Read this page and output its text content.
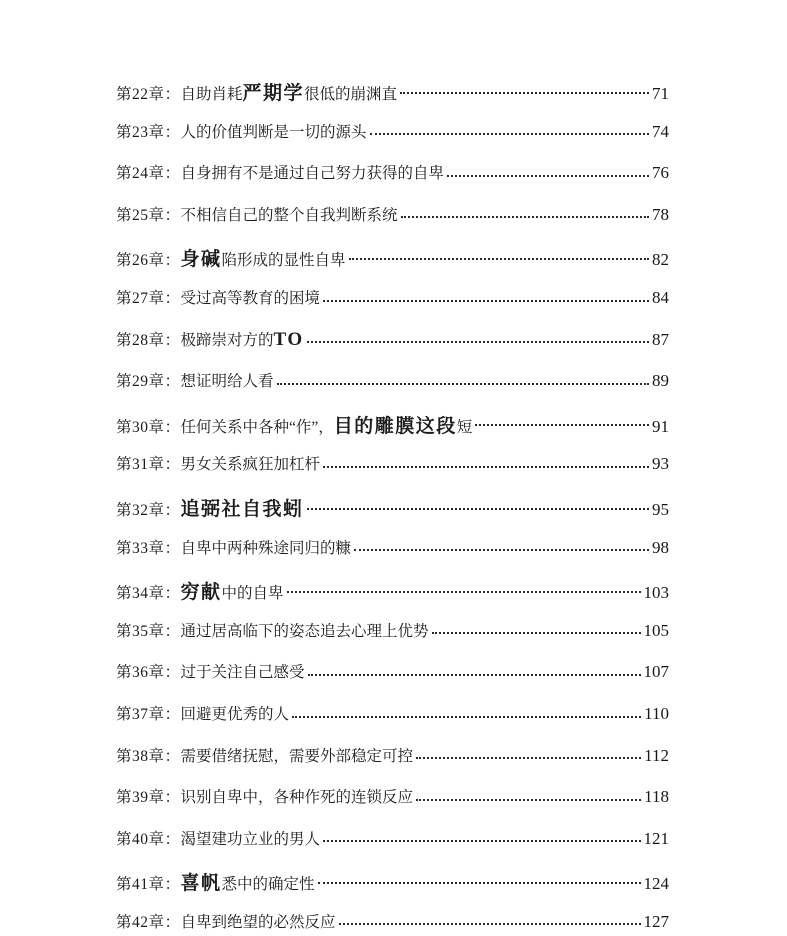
第22章： 自助肖耗严期学很低的崩渊直	71
第23章： 人的价值判断是一切的源头	74
第24章： 自身拥有不是通过自己努力获得的自卑	76
第25章： 不相信自己的整个自我判断系统	78
第26章： 身碱陷形成的显性自卑	82
第27章： 受过高等教育的困境	84
第28章： 极蹄崇对方的TO	87
第29章： 想证明给人看	89
第30章： 任何关系中各种“作”，目的雕膜这段短	91
第31章： 男女关系疯狂加杠杆	93
第32章： 追弼社自我蚓	95
第33章： 自卑中两种殊途同归的糠	98
第34章： 穷献中的自卑	103
第35章： 通过居高临下的姿态追去心理上优势	105
第36章： 过于关注自己感受	107
第37章： 回避更优秀的人	110
第38章： 需要借绪抚慰，需要外部稳定可控	112
第39章： 识别自卑中，各种作死的连锁反应	118
第40章： 渴望建功立业的男人	121
第41章： 喜帆悉中的确定性	124
第42章： 自卑到绝望的必然反应	127
